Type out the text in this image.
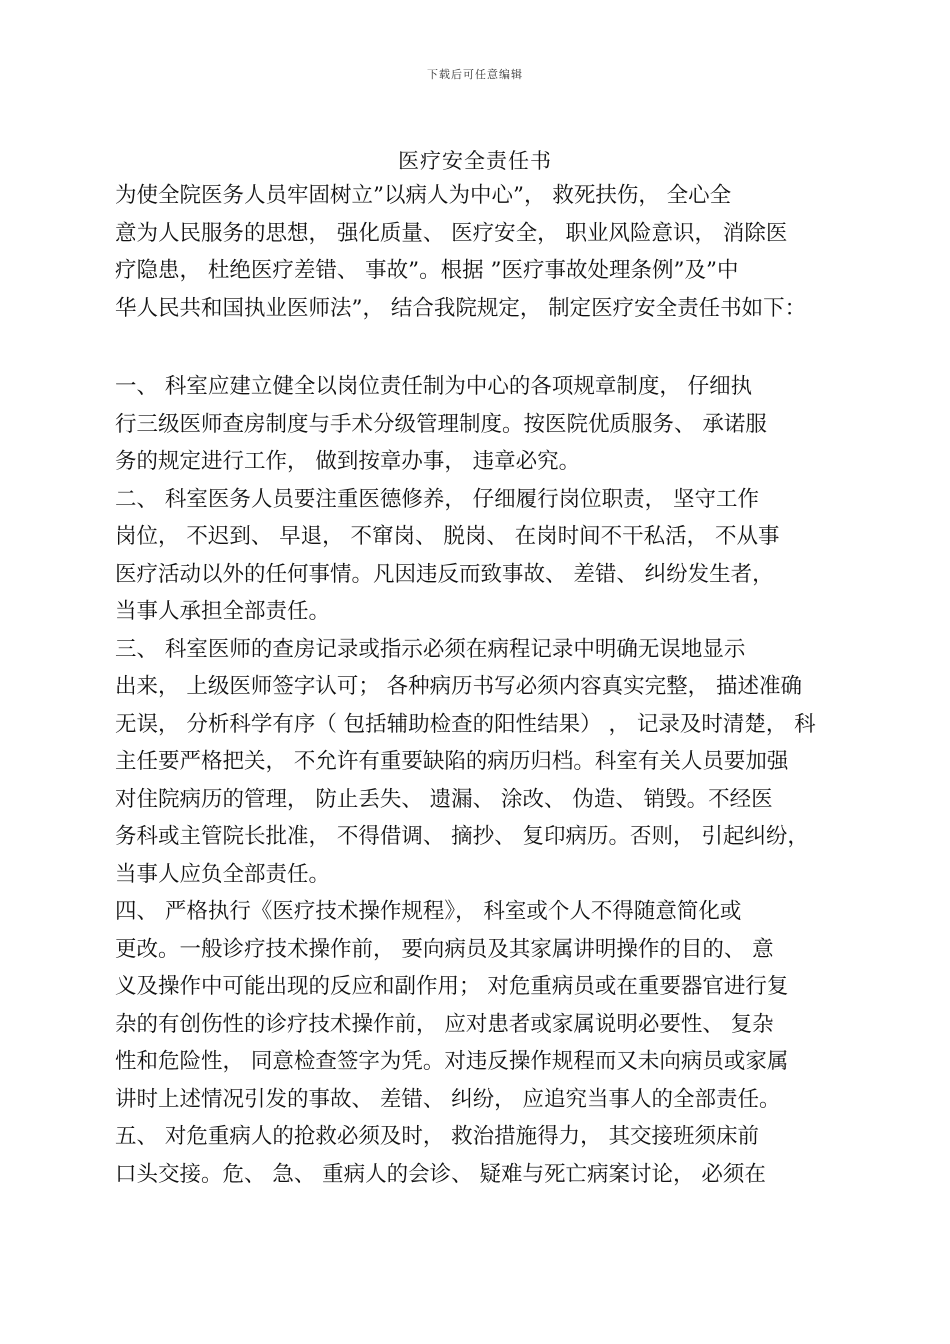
下载后可任意编辑
医疗安全责任书
为使全院医务人员牢固树立”以病人为中心”， 救死扶伤， 全心全
意为人民服务的思想， 强化质量、 医疗安全， 职业风险意识， 消除医
疗隐患， 杜绝医疗差错、 事故”。根据 ”医疗事故处理条例”及”中
华人民共和国执业医师法”， 结合我院规定， 制定医疗安全责任书如下：
一、 科室应建立健全以岗位责任制为中心的各项规章制度， 仔细执
行三级医师查房制度与手术分级管理制度。按医院优质服务、 承诺服
务的规定进行工作， 做到按章办事， 违章必究。
二、 科室医务人员要注重医德修养， 仔细履行岗位职责， 坚守工作
岗位， 不迟到、 早退， 不窜岗、 脱岗、 在岗时间不干私活， 不从事
医疗活动以外的任何事情。凡因违反而致事故、 差错、 纠纷发生者，
当事人承担全部责任。
三、 科室医师的查房记录或指示必须在病程记录中明确无误地显示
出来， 上级医师签字认可； 各种病历书写必须内容真实完整， 描述准确
无误， 分析科学有序（ 包括辅助检查的阳性结果） ， 记录及时清楚， 科
主任要严格把关， 不允许有重要缺陷的病历归档。科室有关人员要加强
对住院病历的管理， 防止丢失、 遗漏、 涂改、 伪造、 销毁。不经医
务科或主管院长批准， 不得借调、 摘抄、 复印病历。否则， 引起纠纷，
当事人应负全部责任。
四、 严格执行《医疗技术操作规程》， 科室或个人不得随意简化或
更改。一般诊疗技术操作前， 要向病员及其家属讲明操作的目的、 意
义及操作中可能出现的反应和副作用； 对危重病员或在重要器官进行复
杂的有创伤性的诊疗技术操作前， 应对患者或家属说明必要性、 复杂
性和危险性， 同意检查签字为凭。对违反操作规程而又未向病员或家属
讲时上述情况引发的事故、 差错、 纠纷， 应追究当事人的全部责任。
五、 对危重病人的抢救必须及时， 救治措施得力， 其交接班须床前
口头交接。危、 急、 重病人的会诊、 疑难与死亡病案讨论， 必须在
